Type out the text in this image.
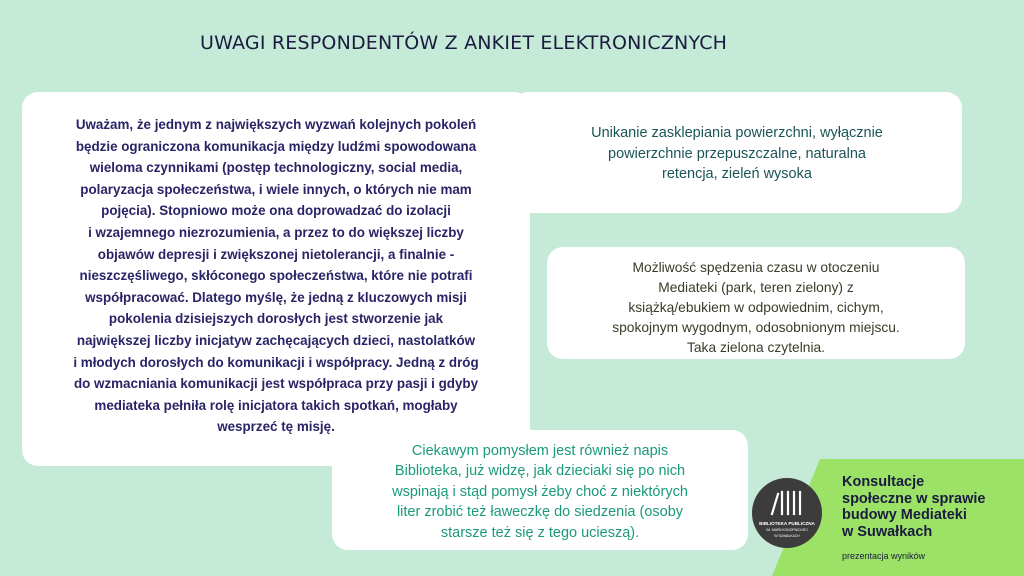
UWAGI RESPONDENTÓW Z ANKIET ELEKTRONICZNYCH
Uważam, że jednym z największych wyzwań kolejnych pokoleń
będzie ograniczona komunikacja między ludźmi spowodowana
wieloma czynnikami (postęp technologiczny, social media,
polaryzacja społeczeństwa, i wiele innych, o których nie mam
pojęcia). Stopniowo może ona doprowadzać do izolacji
i wzajemnego niezrozumienia, a przez to do większej liczby
objawów depresji i zwiększonej nietolerancji, a finalnie -
nieszczęśliwego, skłóconego społeczeństwa, które nie potrafi
współpracować. Dlatego myślę, że jedną z kluczowych misji
pokolenia dzisiejszych dorosłych jest stworzenie jak
największej liczby inicjatyw zachęcających dzieci, nastolatków
i młodych dorosłych do komunikacji i współpracy. Jedną z dróg
do wzmacniania komunikacji jest współpraca przy pasji i gdyby
mediateka pełniła rolę inicjatora takich spotkań, mogłaby
wesprzeć tę misję.
Unikanie zasklepiania powierzchni, wyłącznie
powierzchnie przepuszczalne, naturalna
retencja, zieleń wysoka
Możliwość spędzenia czasu w otoczeniu
Mediateki (park, teren zielony) z
książką/ebukiem w odpowiednim, cichym,
spokojnym wygodnym, odosobnionym miejscu.
Taka zielona czytelnia.
Ciekawym pomysłem jest również napis
Biblioteka, już widzę, jak dzieciaki się po nich
wspinają i stąd pomysł żeby choć z niektórych
liter zrobić też ławeczkę do siedzenia (osoby
starsze też się z tego ucieszą).
BIBLIOTEKA PUBLICZNA
IM. MARII KONOPNICKIEJ
W SUWAŁKACH
Konsultacje
społeczne w sprawie
budowy Mediateki
w Suwałkach
prezentacja wyników
